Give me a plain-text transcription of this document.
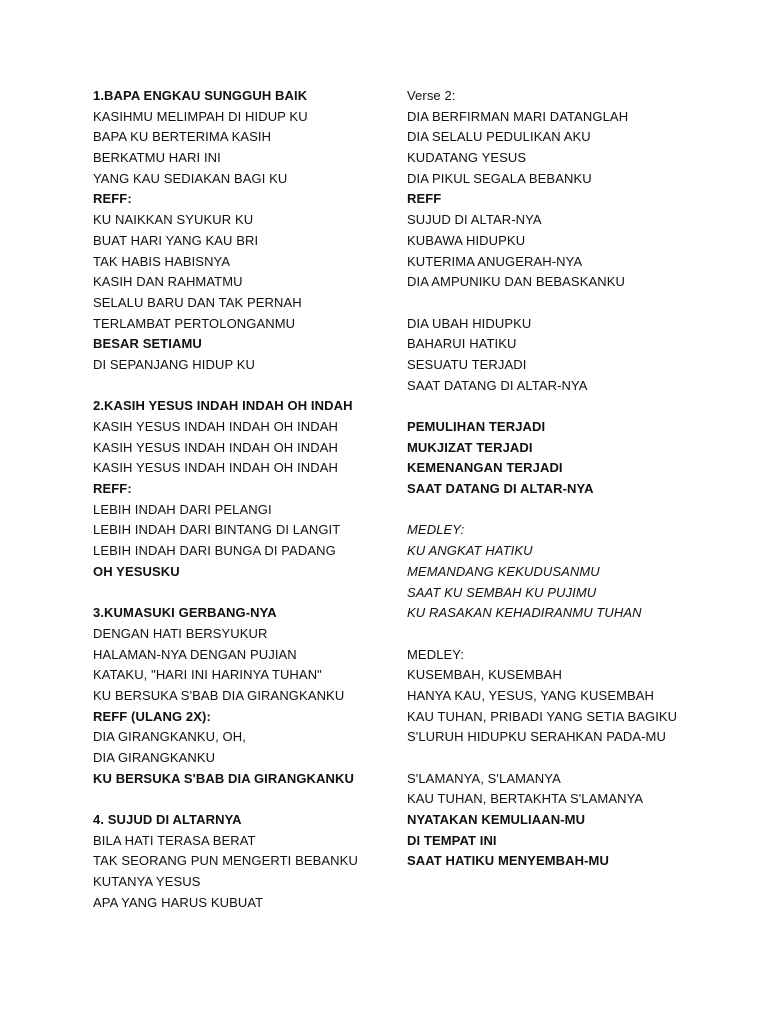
1.BAPA ENGKAU SUNGGUH BAIK
KASIHMU MELIMPAH DI HIDUP KU
BAPA KU BERTERIMA KASIH
BERKATMU HARI INI
YANG KAU SEDIAKAN BAGI KU
REFF:
KU NAIKKAN SYUKUR KU
BUAT HARI YANG KAU BRI
TAK HABIS HABISNYA
KASIH DAN RAHMATMU
SELALU BARU DAN TAK PERNAH
TERLAMBAT PERTOLONGANMU
BESAR SETIAMU
DI SEPANJANG HIDUP KU
2.KASIH YESUS INDAH INDAH OH INDAH
KASIH YESUS INDAH INDAH OH INDAH
KASIH YESUS INDAH INDAH OH INDAH
KASIH YESUS INDAH INDAH OH INDAH
REFF:
LEBIH INDAH DARI PELANGI
LEBIH INDAH DARI BINTANG DI LANGIT
LEBIH INDAH DARI BUNGA DI PADANG
OH YESUSKU
3.KUMASUKI GERBANG-NYA
DENGAN HATI BERSYUKUR
HALAMAN-NYA DENGAN PUJIAN
KATAKU, "HARI INI HARINYA TUHAN"
KU BERSUKA S'BAB DIA GIRANGKANKU
REFF (ULANG 2X):
DIA GIRANGKANKU, OH,
DIA GIRANGKANKU
KU BERSUKA S'BAB DIA GIRANGKANKU
4. SUJUD DI ALTARNYA
BILA HATI TERASA BERAT
TAK SEORANG PUN MENGERTI BEBANKU
KUTANYA YESUS
APA YANG HARUS KUBUAT
Verse 2:
DIA BERFIRMAN MARI DATANGLAH
DIA SELALU PEDULIKAN AKU
KUDATANG YESUS
DIA PIKUL SEGALA BEBANKU
REFF
SUJUD DI ALTAR-NYA
KUBAWA HIDUPKU
KUTERIMA ANUGERAH-NYA
DIA AMPUNIKU DAN BEBASKANKU
DIA UBAH HIDUPKU
BAHARUI HATIKU
SESUATU TERJADI
SAAT DATANG DI ALTAR-NYA
PEMULIHAN TERJADI
MUKJIZAT TERJADI
KEMENANGAN TERJADI
SAAT DATANG DI ALTAR-NYA
MEDLEY:
KU ANGKAT HATIKU
MEMANDANG KEKUDUSANMU
SAAT KU SEMBAH KU PUJIMU
KU RASAKAN KEHADIRANMU TUHAN
MEDLEY:
KUSEMBAH, KUSEMBAH
HANYA KAU, YESUS, YANG KUSEMBAH
KAU TUHAN, PRIBADI YANG SETIA BAGIKU
S'LURUH HIDUPKU SERAHKAN PADA-MU
S'LAMANYA, S'LAMANYA
KAU TUHAN, BERTAKHTA S'LAMANYA
NYATAKAN KEMULIAAN-MU
DI TEMPAT INI
SAAT HATIKU MENYEMBAH-MU
